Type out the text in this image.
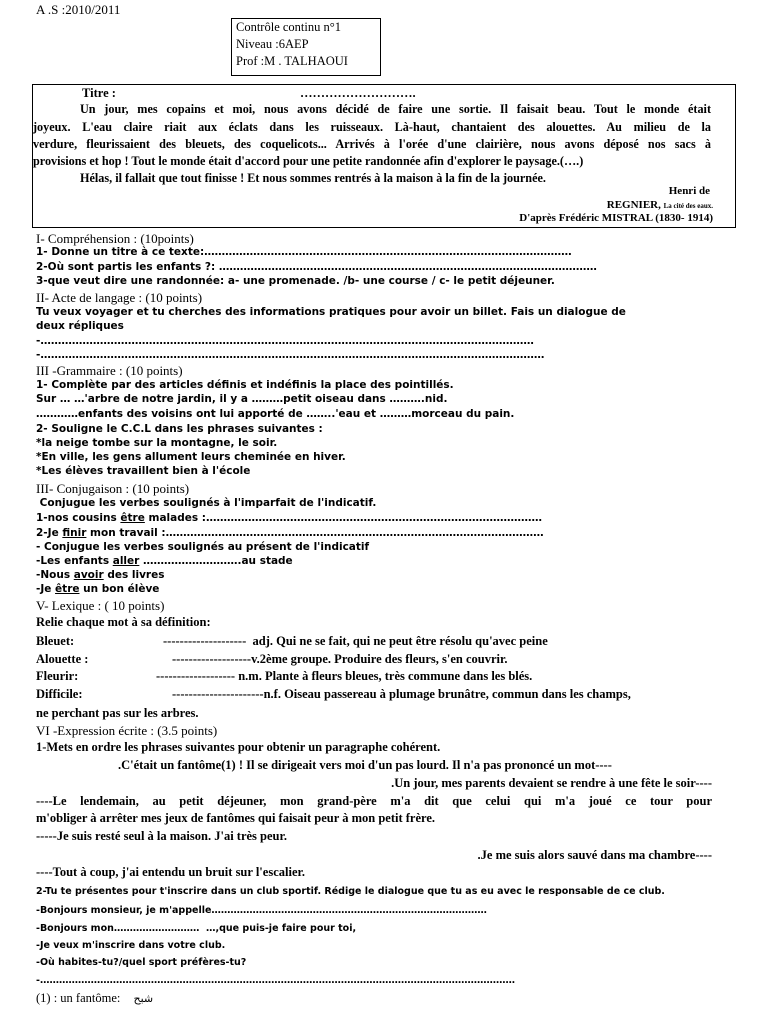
A .S :2010/2011
Contrôle continu n°1
Niveau :6AEP
Prof :M . TALHAOUI
Titre :	……………………….
Un jour, mes copains et moi, nous avons décidé de faire une sortie. Il faisait beau. Tout le monde était
joyeux. L'eau claire riait aux éclats dans les ruisseaux. Là-haut, chantaient des alouettes. Au milieu de la
verdure, fleurissaient des bleuets, des coquelicots... Arrivés à l'orée d'une clairière, nous avons déposé nos sacs à
provisions et hop ! Tout le monde était d'accord pour une petite randonnée afin d'explorer le paysage.(….)
Hélas, il fallait que tout finisse ! Et nous sommes rentrés à la maison à la fin de la journée.
Henri de
REGNIER, La cité des eaux.
D'après Frédéric MISTRAL (1830- 1914)
I- Compréhension : (10points)
1- Donne un titre à ce texte:……………………………………………………………………………………………
2-Où sont partis les enfants ?: ………………………………………………………………………………………………
3-que veut dire une randonnée: a- une promenade. /b- une course / c- le petit déjeuner.
II- Acte de langage : (10 points)
Tu veux voyager et tu cherches des informations pratiques pour avoir un billet. Fais un dialogue de
deux répliques
-……………………………………………………………………………………………………………………………
-………………………………………………………………………………………………………………………………
III -Grammaire : (10 points)
1- Complète par des articles définis et indéfinis la place des pointillés.
Sur … …'arbre de notre jardin, il y a ………petit oiseau dans ……….nid.
…………enfants des voisins ont lui apporté de ……..'eau et ………morceau du pain.
2- Souligne le C.C.L dans les phrases suivantes :
*la neige tombe sur la montagne, le soir.
*En ville, les gens allument leurs cheminée en hiver.
*Les élèves travaillent bien à l'école
III- Conjugaison : (10 points)
Conjugue les verbes soulignés à l'imparfait de l'indicatif.
1-nos cousins être malades :……………………………………………………………………………………
2-Je finir mon travail :………………………………………………………………………………………………
- Conjugue les verbes soulignés au présent de l'indicatif
-Les enfants aller ……………………….au stade
-Nous avoir des livres
-Je être un bon élève
V- Lexique : ( 10 points)
Relie chaque mot à sa définition:
Bleuet:	--------------------  adj. Qui ne se fait, qui ne peut être résolu qu'avec peine
Alouette :	-------------------v.2ème groupe. Produire des fleurs, s'en couvrir.
Fleurir:	------------------- n.m. Plante à fleurs bleues, très commune dans les blés.
Difficile:	----------------------n.f. Oiseau passereau à plumage brunâtre, commun dans les champs,
ne perchant pas sur les arbres.
VI -Expression écrite : (3.5 points)
1-Mets en ordre les phrases suivantes pour obtenir un paragraphe cohérent.
.C'était un fantôme(1) ! Il se dirigeait vers moi d'un pas lourd. Il n'a pas prononcé un mot----
.Un jour, mes parents devaient se rendre à une fête le soir----
----Le lendemain, au petit déjeuner, mon grand-père m'a dit que celui qui m'a joué ce tour pour
m'obliger à arrêter mes jeux de fantômes qui faisait peur à mon petit frère.
-----Je suis resté seul à la maison. J'ai très peur.
.Je me suis alors sauvé dans ma chambre----
----Tout à coup, j'ai entendu un bruit sur l'escalier.
2-Tu te présentes pour t'inscrire dans un club sportif. Rédige le dialogue que tu as eu avec le responsable de ce club.
-Bonjours monsieur, je m'appelle……………………………………………………………………………
-Bonjours mon………………………  …,que puis-je faire pour toi,
-Je veux m'inscrire dans votre club.
-Où habites-tu?/quel sport préfères-tu?
-……………………………………………………………………………………………………………………………………
(1) : un fantôme: شبح
